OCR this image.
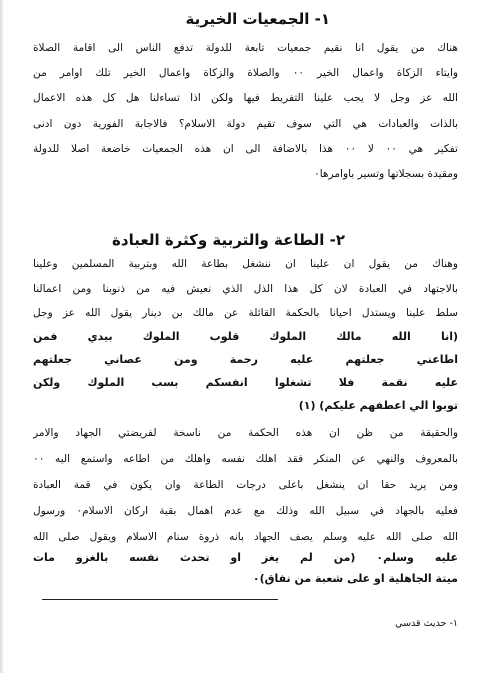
١- الجمعيات الخيرية
هناك من يقول انا نقيم جمعيات تابعة للدولة تدفع الناس الى اقامة الصلاة
وايتاء الزكاة واعمال الخير ٠٠ والصلاة والزكاة واعمال الخير تلك اوامر من
الله عز وجل لا يجب علينا التفريط فيها ولكن اذا تساءلنا هل كل هذه الاعمال
بالذات والعبادات هي التي سوف تقيم دولة الاسلام؟ فالاجابة الفورية دون ادنى
تفكير هي ٠٠ لا ٠٠ هذا بالاضافة الى ان هذه الجمعيات خاضعة اصلا للدولة
ومقيدة بسجلاتها وتسير باوامرها٠
٢- الطاعة والتربية وكثرة العبادة
وهناك من يقول ان علينا ان ننشغل بطاعة الله وبتربية المسلمين وعلينا
بالاجتهاد في العبادة لان كل هذا الذل الذي نعيش فيه من ذنوبنا ومن اعمالنا
سلط علينا ويستدل احيانا بالحكمة القائلة عن مالك بن دينار يقول الله عز وجل
(انا الله مالك الملوك قلوب الملوك بيدي فمن
اطاعني جعلتهم عليه رحمة ومن عصاني جعلتهم
عليه نقمة فلا تشغلوا انفسكم بسب الملوك ولكن
توبوا الي اعطفهم عليكم) (١)
والحقيقة من ظن ان هذه الحكمة من ناسخة لفريضتي الجهاد والامر
بالمعروف والنهي عن المنكر فقد اهلك نفسه واهلك من اطاعه واستمع اليه ٠٠
ومن يريد حقا ان ينشغل باعلى درجات الطاعة وان يكون في قمة العبادة
فعليه بالجهاد في سبيل الله وذلك مع عدم اهمال بقية اركان الاسلام٠ ورسول
الله صلى الله عليه وسلم يصف الجهاد بانه ذروة سنام الاسلام ويقول صلى الله
عليه وسلم٠ (من لم يغز او تحدث نفسه بالغزو مات
ميتة الجاهلية او على شعبة من نفاق)٠
١- حديث قدسي
